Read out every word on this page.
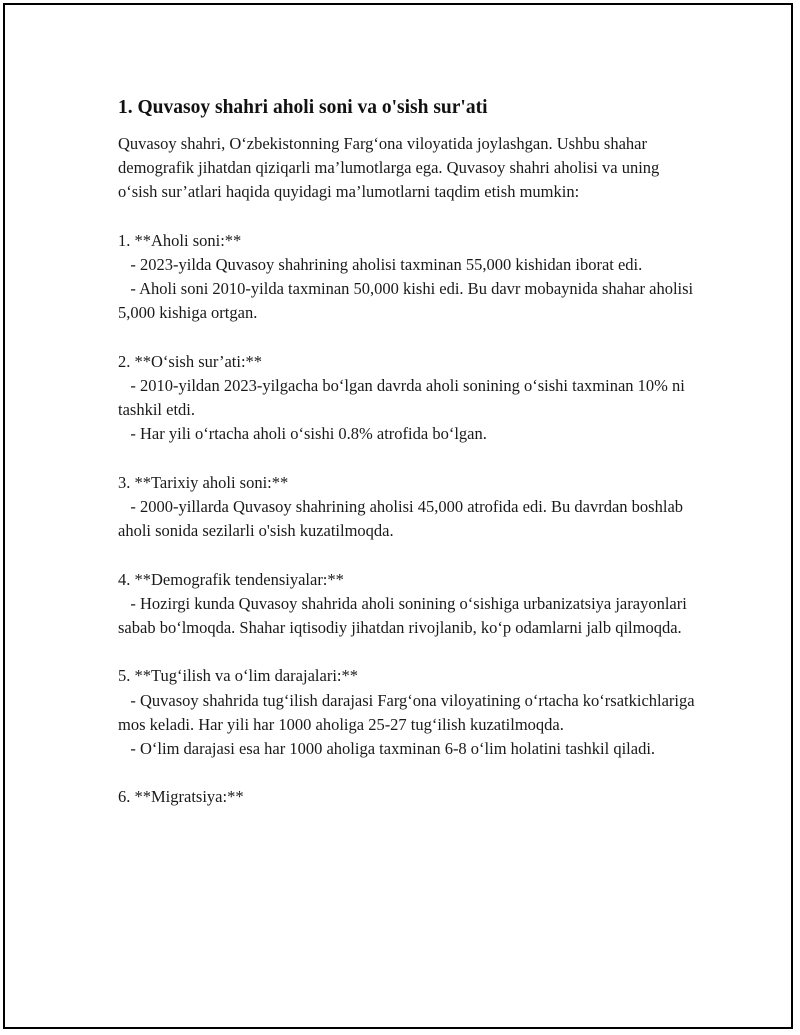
1. Quvasoy shahri aholi soni va o'sish sur'ati

Quvasoy shahri, O‘zbekistonning Farg‘ona viloyatida joylashgan. Ushbu shahar demografik jihatdan qiziqarli ma’lumotlarga ega. Quvasoy shahri aholisi va uning o‘sish sur’atlari haqida quyidagi ma’lumotlarni taqdim etish mumkin:

1. **Aholi soni:**
- 2023-yilda Quvasoy shahrining aholisi taxminan 55,000 kishidan iborat edi.
- Aholi soni 2010-yilda taxminan 50,000 kishi edi. Bu davr mobaynida shahar aholisi 5,000 kishiga ortgan.
2. **O‘sish sur’ati:**
- 2010-yildan 2023-yilgacha bo‘lgan davrda aholi sonining o‘sishi taxminan 10% ni tashkil etdi.
- Har yili o‘rtacha aholi o‘sishi 0.8% atrofida bo‘lgan.
3. **Tarixiy aholi soni:**
- 2000-yillarda Quvasoy shahrining aholisi 45,000 atrofida edi. Bu davrdan boshlab aholi sonida sezilarli o'sish kuzatilmoqda.
4. **Demografik tendensiyalar:**
- Hozirgi kunda Quvasoy shahrida aholi sonining o‘sishiga urbanizatsiya jarayonlari sabab bo‘lmoqda. Shahar iqtisodiy jihatdan rivojlanib, ko‘p odamlarni jalb qilmoqda.
5. **Tug‘ilish va o‘lim darajalari:**
- Quvasoy shahrida tug‘ilish darajasi Farg‘ona viloyatining o‘rtacha ko‘rsatkichlariga mos keladi. Har yili har 1000 aholiga 25-27 tug‘ilish kuzatilmoqda.
- O‘lim darajasi esa har 1000 aholiga taxminan 6-8 o‘lim holatini tashkil qiladi.
6. **Migratsiya:**
